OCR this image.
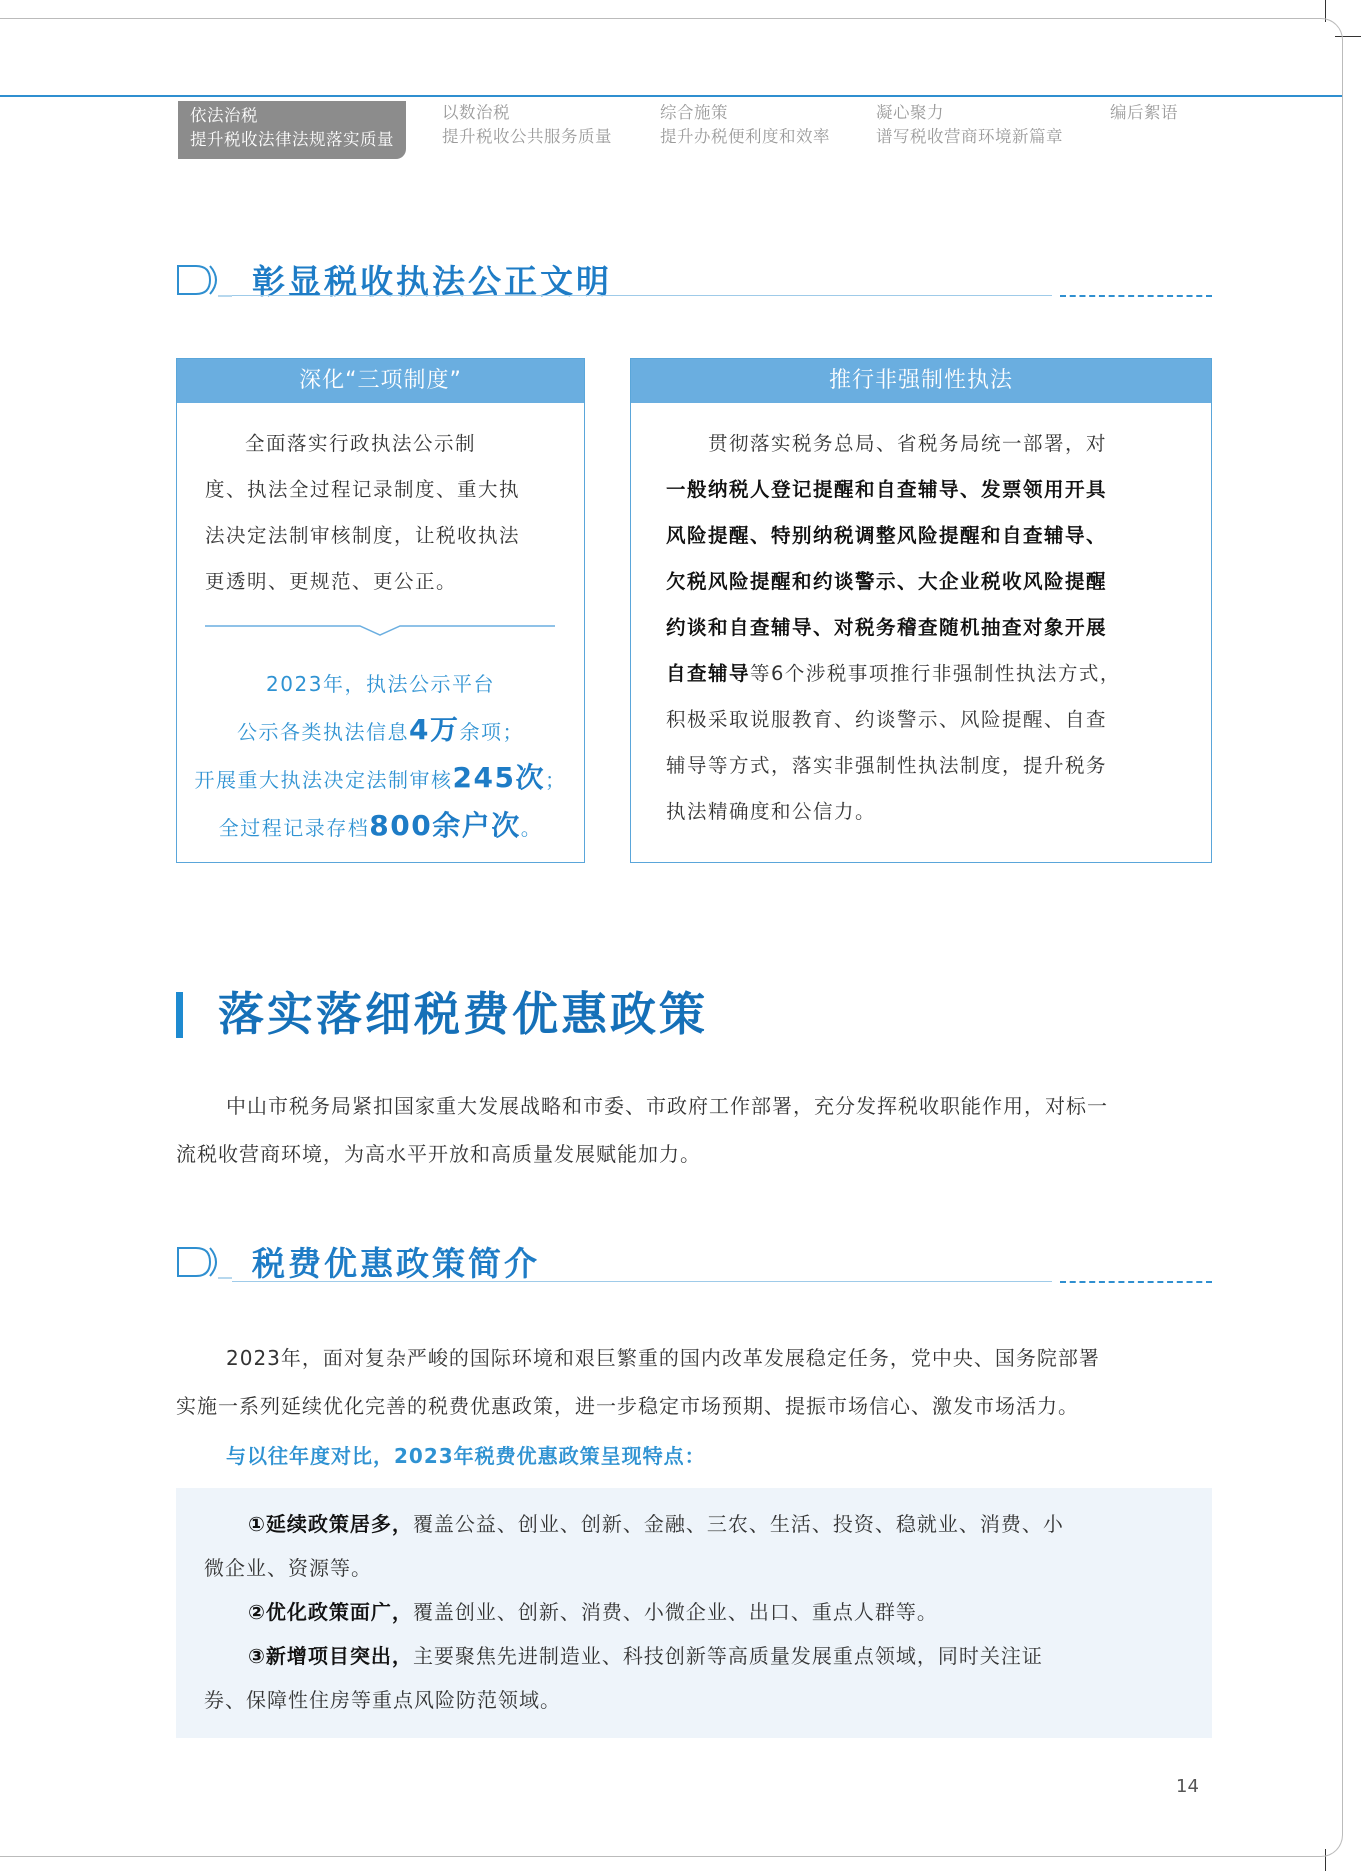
依法治税
提升税收法律法规落实质量
以数治税
提升税收公共服务质量
综合施策
提升办税便利度和效率
凝心聚力
谱写税收营商环境新篇章
编后絮语
彰显税收执法公正文明
深化“三项制度”
全面落实行政执法公示制
度、执法全过程记录制度、重大执
法决定法制审核制度，让税收执法
更透明、更规范、更公正。
2023年，执法公示平台
公示各类执法信息4万余项；
开展重大执法决定法制审核245次；
全过程记录存档800余户次。
推行非强制性执法
贯彻落实税务总局、省税务局统一部署，对
一般纳税人登记提醒和自查辅导、发票领用开具
风险提醒、特别纳税调整风险提醒和自查辅导、
欠税风险提醒和约谈警示、大企业税收风险提醒
约谈和自查辅导、对税务稽查随机抽查对象开展
自查辅导等6个涉税事项推行非强制性执法方式，
积极采取说服教育、约谈警示、风险提醒、自查
辅导等方式，落实非强制性执法制度，提升税务
执法精确度和公信力。
落实落细税费优惠政策
中山市税务局紧扣国家重大发展战略和市委、市政府工作部署，充分发挥税收职能作用，对标一
流税收营商环境，为高水平开放和高质量发展赋能加力。
税费优惠政策简介
2023年，面对复杂严峻的国际环境和艰巨繁重的国内改革发展稳定任务，党中央、国务院部署
实施一系列延续优化完善的税费优惠政策，进一步稳定市场预期、提振市场信心、激发市场活力。
与以往年度对比，2023年税费优惠政策呈现特点：
①延续政策居多，覆盖公益、创业、创新、金融、三农、生活、投资、稳就业、消费、小
微企业、资源等。
②优化政策面广，覆盖创业、创新、消费、小微企业、出口、重点人群等。
③新增项目突出，主要聚焦先进制造业、科技创新等高质量发展重点领域，同时关注证
券、保障性住房等重点风险防范领域。
14
